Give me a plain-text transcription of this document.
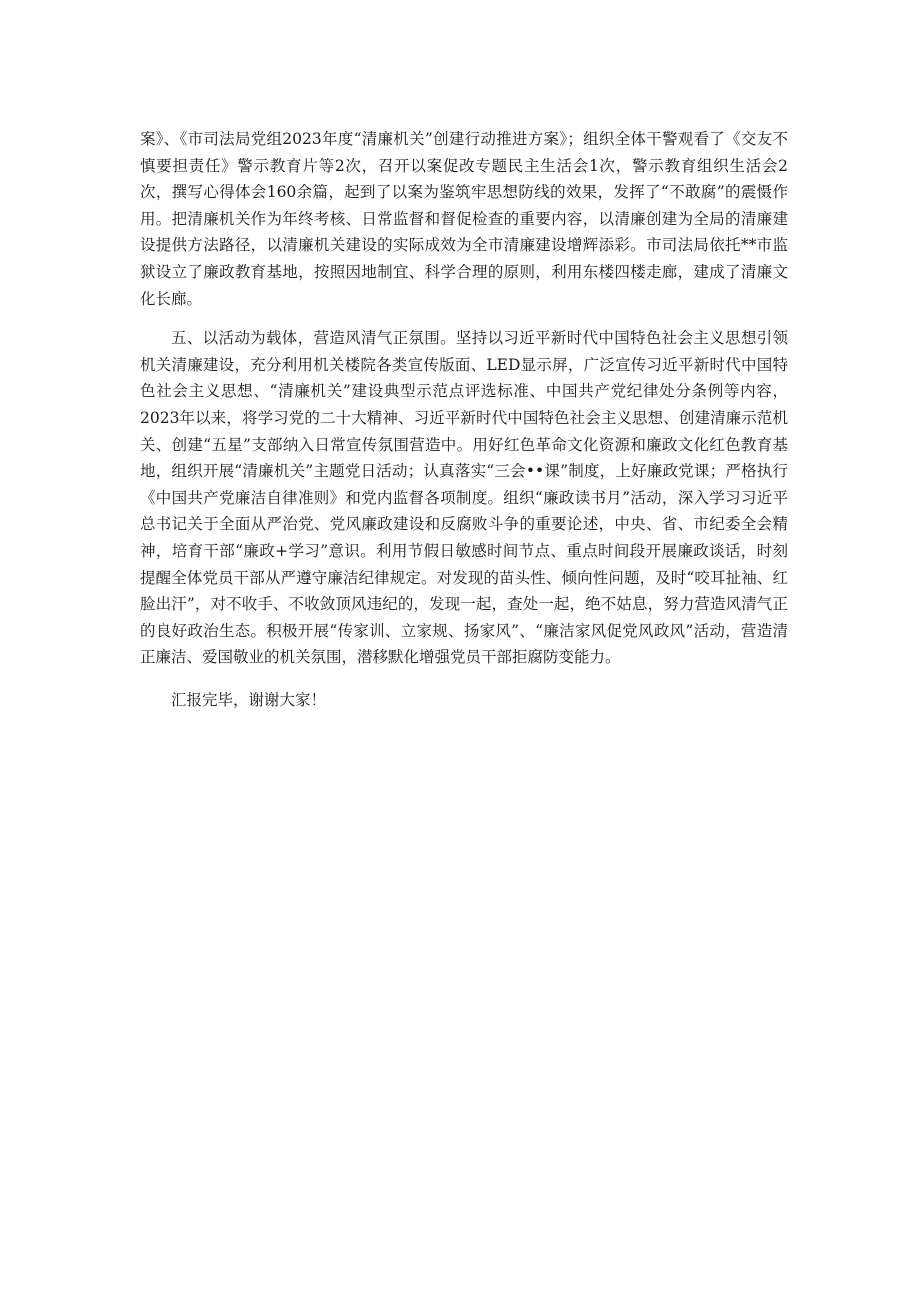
案》、《市司法局党组2023年度“清廉机关”创建行动推进方案》；组织全体干警观看了《交友不慎要担责任》警示教育片等2次，召开以案促改专题民主生活会1次，警示教育组织生活会2次，撰写心得体会160余篇，起到了以案为鉴筑牢思想防线的效果，发挥了“不敢腐”的震慑作用。把清廉机关作为年终考核、日常监督和督促检查的重要内容，以清廉创建为全局的清廉建设提供方法路径，以清廉机关建设的实际成效为全市清廉建设增辉添彩。市司法局依托**市监狱设立了廉政教育基地，按照因地制宜、科学合理的原则，利用东楼四楼走廊，建成了清廉文化长廊。

五、以活动为载体，营造风清气正氛围。坚持以习近平新时代中国特色社会主义思想引领机关清廉建设，充分利用机关楼院各类宣传版面、LED显示屏，广泛宣传习近平新时代中国特色社会主义思想、“清廉机关”建设典型示范点评选标准、中国共产党纪律处分条例等内容，2023年以来，将学习党的二十大精神、习近平新时代中国特色社会主义思想、创建清廉示范机关、创建“五星”支部纳入日常宣传氛围营造中。用好红色革命文化资源和廉政文化红色教育基地，组织开展“清廉机关”主题党日活动；认真落实“三会••课”制度，上好廉政党课；严格执行《中国共产党廉洁自律准则》和党内监督各项制度。组织“廉政读书月”活动，深入学习习近平总书记关于全面从严治党、党风廉政建设和反腐败斗争的重要论述，中央、省、市纪委全会精神，培育干部“廉政+学习”意识。利用节假日敏感时间节点、重点时间段开展廉政谈话，时刻提醒全体党员干部从严遵守廉洁纪律规定。对发现的苗头性、倾向性问题，及时“咬耳扯袖、红脸出汗”，对不收手、不收敛顶风违纪的，发现一起，查处一起，绝不姑息，努力营造风清气正的良好政治生态。积极开展“传家训、立家规、扬家风”、“廉洁家风促党风政风”活动，营造清正廉洁、爱国敬业的机关氛围，潜移默化增强党员干部拒腐防变能力。

汇报完毕，谢谢大家！
